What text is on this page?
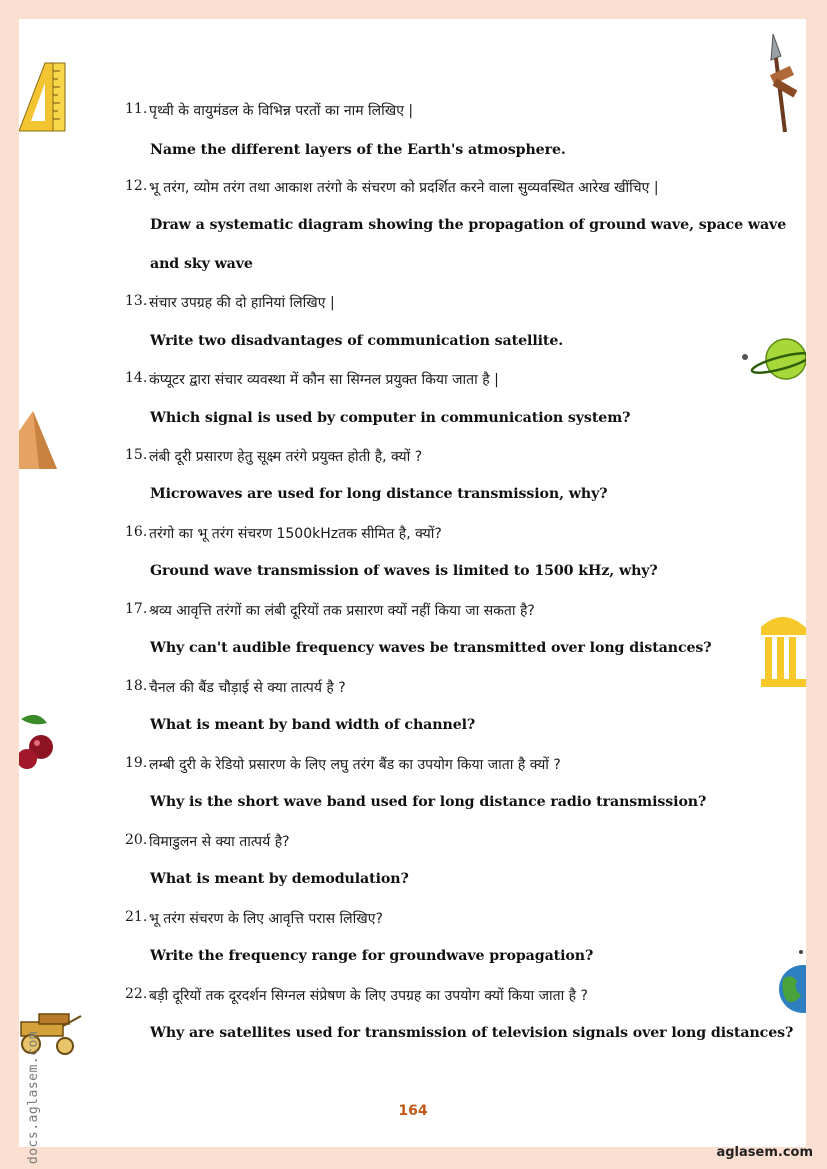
11. पृथ्वी के वायुमंडल के विभिन्न परतों का नाम लिखिए |
Name the different layers of the Earth's atmosphere.
12. भू तरंग, व्योम तरंग तथा आकाश तरंगो के संचरण को प्रदर्शित करने वाला सुव्यवस्थित आरेख खींचिए |
Draw a systematic diagram showing the propagation of ground wave, space wave
and sky wave
13. संचार उपग्रह की दो हानियां लिखिए |
Write two disadvantages of communication satellite.
14. कंप्यूटर द्वारा संचार व्यवस्था में कौन सा सिग्नल प्रयुक्त किया जाता है |
Which signal is used by computer in communication system?
15. लंबी दूरी प्रसारण हेतु सूक्ष्म तरंगे प्रयुक्त होती है, क्यों ?
Microwaves are used for long distance transmission, why?
16. तरंगो का भू तरंग संचरण 1500kHzतक सीमित है, क्यों?
Ground wave transmission of waves is limited to 1500 kHz, why?
17. श्रव्य आवृत्ति तरंगों का लंबी दूरियों तक प्रसारण क्यों नहीं किया जा सकता है?
Why can't audible frequency waves be transmitted over long distances?
18. चैनल की बैंड चौड़ाई से क्या तात्पर्य है ?
What is meant by band width of channel?
19. लम्बी दुरी के रेडियो प्रसारण के लिए लघु तरंग बैंड का उपयोग किया जाता है क्यों ?
Why is the short wave band used for long distance radio transmission?
20. विमाडुलन से क्या तात्पर्य है?
What is meant by demodulation?
21. भू तरंग संचरण के लिए आवृत्ति परास लिखिए?
Write the frequency range for groundwave propagation?
22. बड़ी दूरियों तक दूरदर्शन सिग्नल संप्रेषण के लिए उपग्रह का उपयोग क्यों किया जाता है ?
Why are satellites used for transmission of television signals over long distances?
164
docs.aglasem.com	aglasem.com
